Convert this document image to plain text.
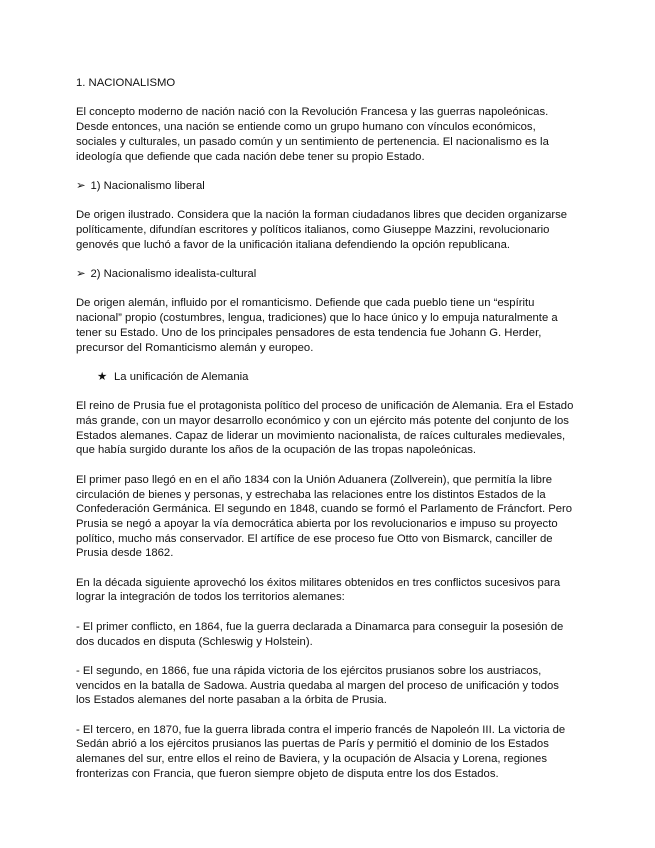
1. NACIONALISMO

El concepto moderno de nación nació con la Revolución Francesa y las guerras napoleónicas. Desde entonces, una nación se entiende como un grupo humano con vínculos económicos, sociales y culturales, un pasado común y un sentimiento de pertenencia. El nacionalismo es la ideología que defiende que cada nación debe tener su propio Estado.

➢ 1) Nacionalismo liberal

De origen ilustrado. Considera que la nación la forman ciudadanos libres que deciden organizarse políticamente, difundían escritores y políticos italianos, como Giuseppe Mazzini, revolucionario genovés que luchó a favor de la unificación italiana defendiendo la opción republicana.

➢ 2) Nacionalismo idealista-cultural

De origen alemán, influido por el romanticismo. Defiende que cada pueblo tiene un “espíritu nacional” propio (costumbres, lengua, tradiciones) que lo hace único y lo empuja naturalmente a tener su Estado. Uno de los principales pensadores de esta tendencia fue Johann G. Herder, precursor del Romanticismo alemán y europeo.

★ La unificación de Alemania

El reino de Prusia fue el protagonista político del proceso de unificación de Alemania. Era el Estado más grande, con un mayor desarrollo económico y con un ejército más potente del conjunto de los Estados alemanes. Capaz de liderar un movimiento nacionalista, de raíces culturales medievales, que había surgido durante los años de la ocupación de las tropas napoleónicas.

El primer paso llegó en en el año 1834 con la Unión Aduanera (Zollverein), que permitía la libre circulación de bienes y personas, y estrechaba las relaciones entre los distintos Estados de la Confederación Germánica. El segundo en 1848, cuando se formó el Parlamento de Fráncfort. Pero Prusia se negó a apoyar la vía democrática abierta por los revolucionarios e impuso su proyecto político, mucho más conservador. El artífice de ese proceso fue Otto von Bismarck, canciller de Prusia desde 1862.

En la década siguiente aprovechó los éxitos militares obtenidos en tres conflictos sucesivos para lograr la integración de todos los territorios alemanes:

- El primer conflicto, en 1864, fue la guerra declarada a Dinamarca para conseguir la posesión de dos ducados en disputa (Schleswig y Holstein).

- El segundo, en 1866, fue una rápida victoria de los ejércitos prusianos sobre los austriacos, vencidos en la batalla de Sadowa. Austria quedaba al margen del proceso de unificación y todos los Estados alemanes del norte pasaban a la órbita de Prusia.

- El tercero, en 1870, fue la guerra librada contra el imperio francés de Napoleón III. La victoria de Sedán abrió a los ejércitos prusianos las puertas de París y permitió el dominio de los Estados alemanes del sur, entre ellos el reino de Baviera, y la ocupación de Alsacia y Lorena, regiones fronterizas con Francia, que fueron siempre objeto de disputa entre los dos Estados.
